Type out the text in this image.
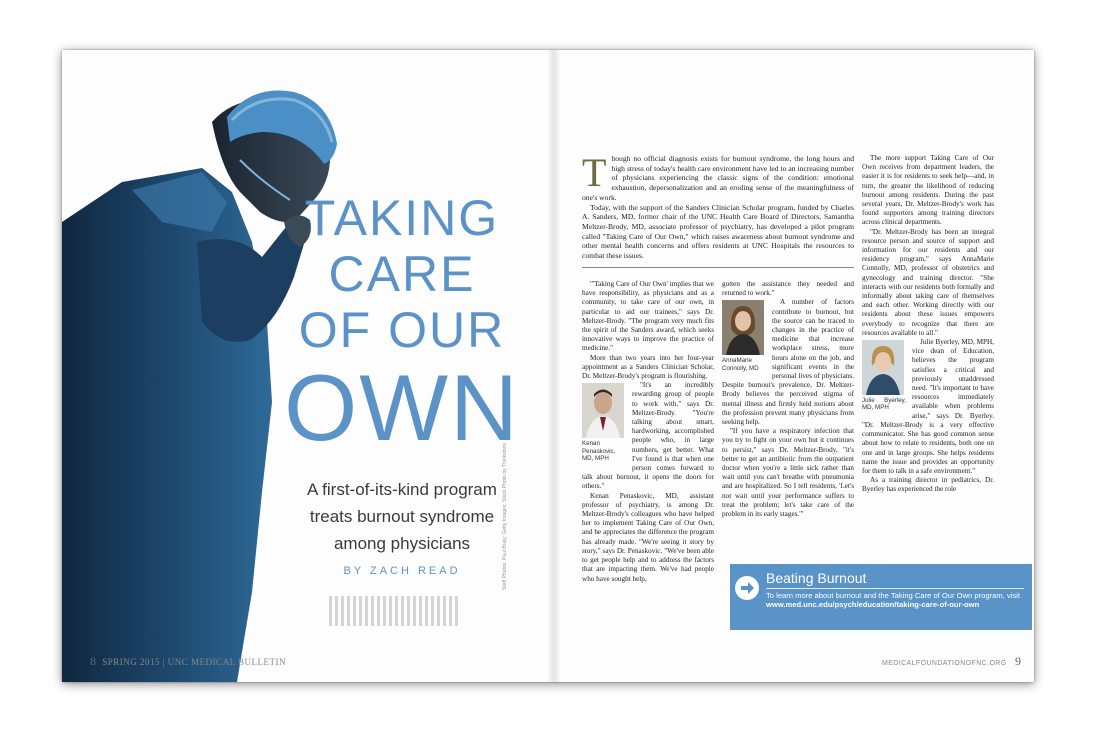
TAKING
CARE
OF OUR
OWN
A first-of-its-kind program
treats burnout syndrome
among physicians
BY ZACH READ
8 SPRING 2015 | UNC MEDICAL BULLETIN
Staff Photos: Paul Braly; Getty Images; Stock Photo by Thinkstock
T hough no official diagnosis exists for burnout syndrome, the long hours and high stress of today's health care environment have led to an increasing number of physicians experiencing the classic signs of the condition: emotional exhaustion, depersonalization and an eroding sense of the meaningfulness of one's work.

Today, with the support of the Sanders Clinician Scholar program, funded by Charles A. Sanders, MD, former chair of the UNC Health Care Board of Directors, Samantha Meltzer-Brody, MD, associate professor of psychiatry, has developed a pilot program called "Taking Care of Our Own," which raises awareness about burnout syndrome and other mental health concerns and offers residents at UNC Hospitals the resources to combat these issues.

"'Taking Care of Our Own' implies that we have responsibility, as physicians and as a community, to take care of our own, in particular to aid our trainees," says Dr. Meltzer-Brody. "The program very much fits the spirit of the Sanders award, which seeks innovative ways to improve the practice of medicine."

More than two years into her four-year appointment as a Sanders Clinician Scholar, Dr. Meltzer-Brody's program is flourishing.

Kenan Penaskovic, MD, MPH

"It's an incredibly rewarding group of people to work with," says Dr. Meltzer-Brody. "You're talking about smart, hardworking, accomplished people who, in large numbers, get better. What I've found is that when one person comes forward to talk about burnout, it opens the doors for others."

Kenan Penaskovic, MD, assistant professor of psychiatry, is among Dr. Meltzer-Brody's colleagues who have helped her to implement Taking Care of Our Own, and he appreciates the difference the program has already made. "We're seeing it story by story," says Dr. Penaskovic. "We've been able to get people help and to address the factors that are impacting them. We've had people who have sought help,

gotten the assistance they needed and returned to work."

AnnaMarie Connolly, MD

A number of factors contribute to burnout, but the source can be traced to changes in the practice of medicine that increase workplace stress, more hours alone on the job, and significant events in the personal lives of physicians. Despite burnout's prevalence, Dr. Meltzer-Brody believes the perceived stigma of mental illness and firmly held notions about the profession prevent many physicians from seeking help.

"If you have a respiratory infection that you try to fight on your own but it continues to persist," says Dr. Meltzer-Brody, "it's better to get an antibiotic from the outpatient doctor when you're a little sick rather than wait until you can't breathe with pneumonia and are hospitalized. So I tell residents, 'Let's not wait until your performance suffers to treat the problem; let's take care of the problem in its early stages.'"

The more support Taking Care of Our Own receives from department leaders, the easier it is for residents to seek help—and, in turn, the greater the likelihood of reducing burnout among residents. During the past several years, Dr. Meltzer-Brody's work has found supporters among training directors across clinical departments.

"Dr. Meltzer-Brody has been an integral resource person and source of support and information for our residents and our residency program," says AnnaMarie Connolly, MD, professor of obstetrics and gynecology and training director. "She interacts with our residents both formally and informally about taking care of themselves and each other. Working directly with our residents about these issues empowers everybody to recognize that there are resources available to all."

Julie Byerley, MD, MPH

Julie Byerley, MD, MPH, vice dean of Education, believes the program satisfies a critical and previously unaddressed need. "It's important to have resources immediately available when problems arise," says Dr. Byerley. "Dr. Meltzer-Brody is a very effective communicator. She has good common sense about how to relate to residents, both one on one and in large groups. She helps residents name the issue and provides an opportunity for them to talk in a safe environment."

As a training director in pediatrics, Dr. Byerley has experienced the role

Beating Burnout
To learn more about burnout and the Taking Care of Our Own program, visit www.med.unc.edu/psych/education/taking-care-of-our-own
MEDICALFOUNDATIONOFNC.ORG 9
